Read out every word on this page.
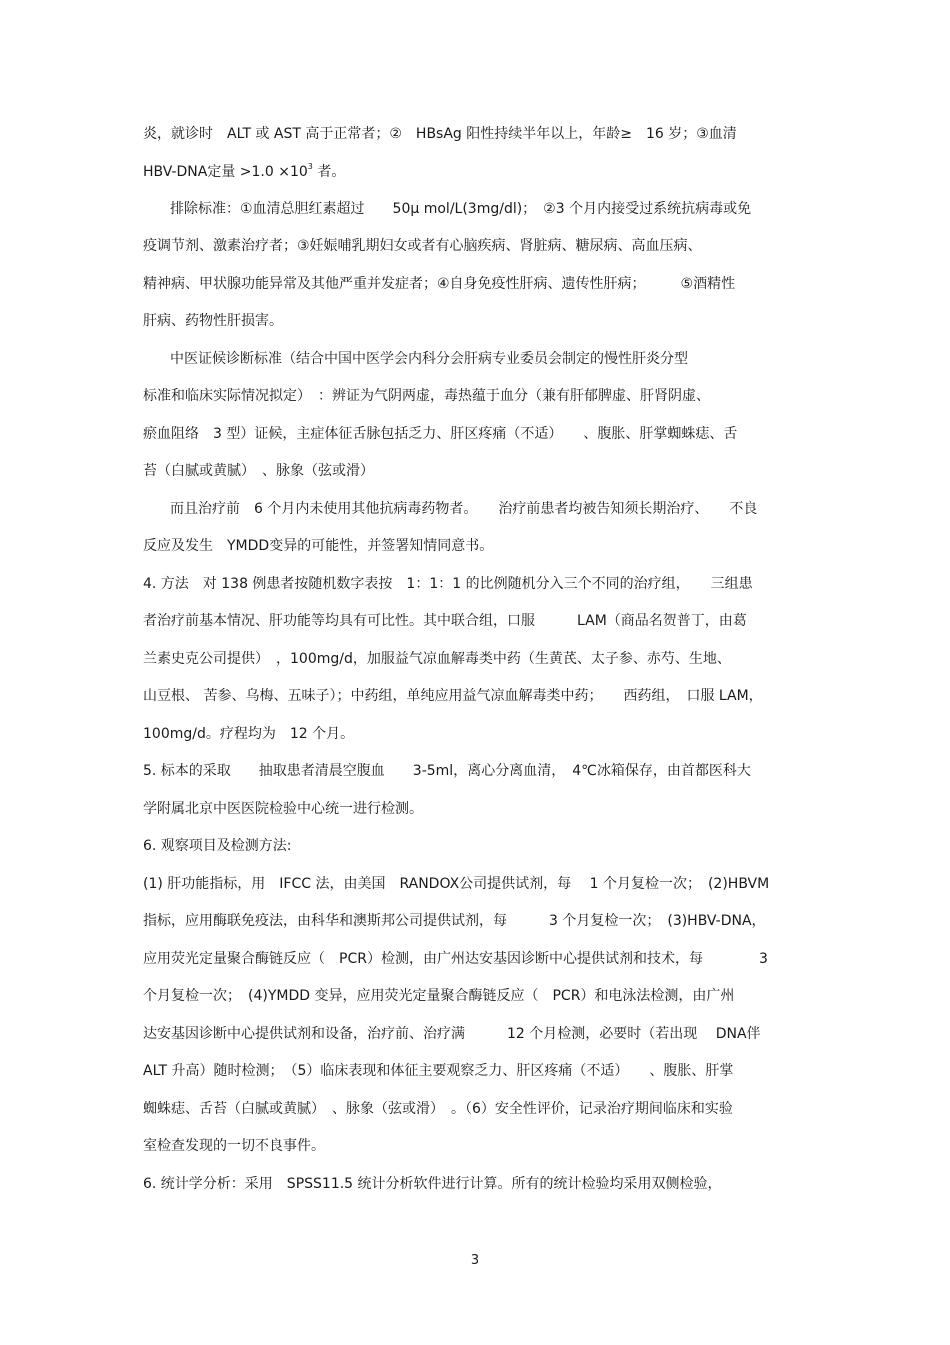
炎，就诊时　ALT 或 AST 高于正常者；②　HBsAg 阳性持续半年以上，年龄≥　16 岁；③血清
HBV-DNA定量 $>1.0 \times 10^3$ 者。
排除标准：①血清总胆红素超过　　50μ mol/L(3mg/dl)；　②3 个月内接受过系统抗病毒或免
疫调节剂、激素治疗者；③妊娠哺乳期妇女或者有心脑疾病、肾脏病、糖尿病、高血压病、
精神病、甲状腺功能异常及其他严重并发症者；④自身免疫性肝病、遗传性肝病；　　　⑤酒精性
肝病、药物性肝损害。
中医证候诊断标准（结合中国中医学会内科分会肝病专业委员会制定的慢性肝炎分型
标准和临床实际情况拟定）　：辨证为气阴两虚，毒热蕴于血分（兼有肝郁脾虚、肝肾阴虚、
瘀血阻络　3 型）证候，主症体征舌脉包括乏力、肝区疼痛（不适）　　、腹胀、肝掌蜘蛛痣、舌
苔（白腻或黄腻）　、脉象（弦或滑）
而且治疗前　6 个月内未使用其他抗病毒药物者。　　治疗前患者均被告知须长期治疗、　　不良
反应及发生　YMDD变异的可能性，并签署知情同意书。
4. 方法　对 138 例患者按随机数字表按　1：1：1 的比例随机分入三个不同的治疗组，　　三组患
者治疗前基本情况、肝功能等均具有可比性。其中联合组，口服　　　LAM（商品名贺普丁，由葛
兰素史克公司提供）　，100mg/d，加服益气凉血解毒类中药（生黄芪、太子参、赤芍、生地、
山豆根、 苦参、乌梅、五味子）；中药组，单纯应用益气凉血解毒类中药；　　西药组，　口服 LAM，
100mg/d。疗程均为　12 个月。
5. 标本的采取　　抽取患者清晨空腹血　　3-5ml，离心分离血清，　4℃冰箱保存，由首都医科大
学附属北京中医医院检验中心统一进行检测。
6. 观察项目及检测方法:
(1) 肝功能指标，用　IFCC 法，由美国　RANDOX公司提供试剂，每　 1 个月复检一次；　(2)HBVM
指标，应用酶联免疫法，由科华和澳斯邦公司提供试剂，每　　　3 个月复检一次；　(3)HBV-DNA，
应用荧光定量聚合酶链反应（　PCR）检测，由广州达安基因诊断中心提供试剂和技术，每　　　　3
个月复检一次；　(4)YMDD 变异，应用荧光定量聚合酶链反应（　PCR）和电泳法检测，由广州
达安基因诊断中心提供试剂和设备，治疗前、治疗满　　　12 个月检测，必要时（若出现　 DNA伴
ALT 升高）随时检测；　（5）临床表现和体征主要观察乏力、肝区疼痛（不适）　　、腹胀、肝掌
蜘蛛痣、舌苔（白腻或黄腻）　、脉象（弦或滑）　。（6）安全性评价，记录治疗期间临床和实验
室检查发现的一切不良事件。
6. 统计学分析：采用　SPSS11.5 统计分析软件进行计算。所有的统计检验均采用双侧检验，
3
